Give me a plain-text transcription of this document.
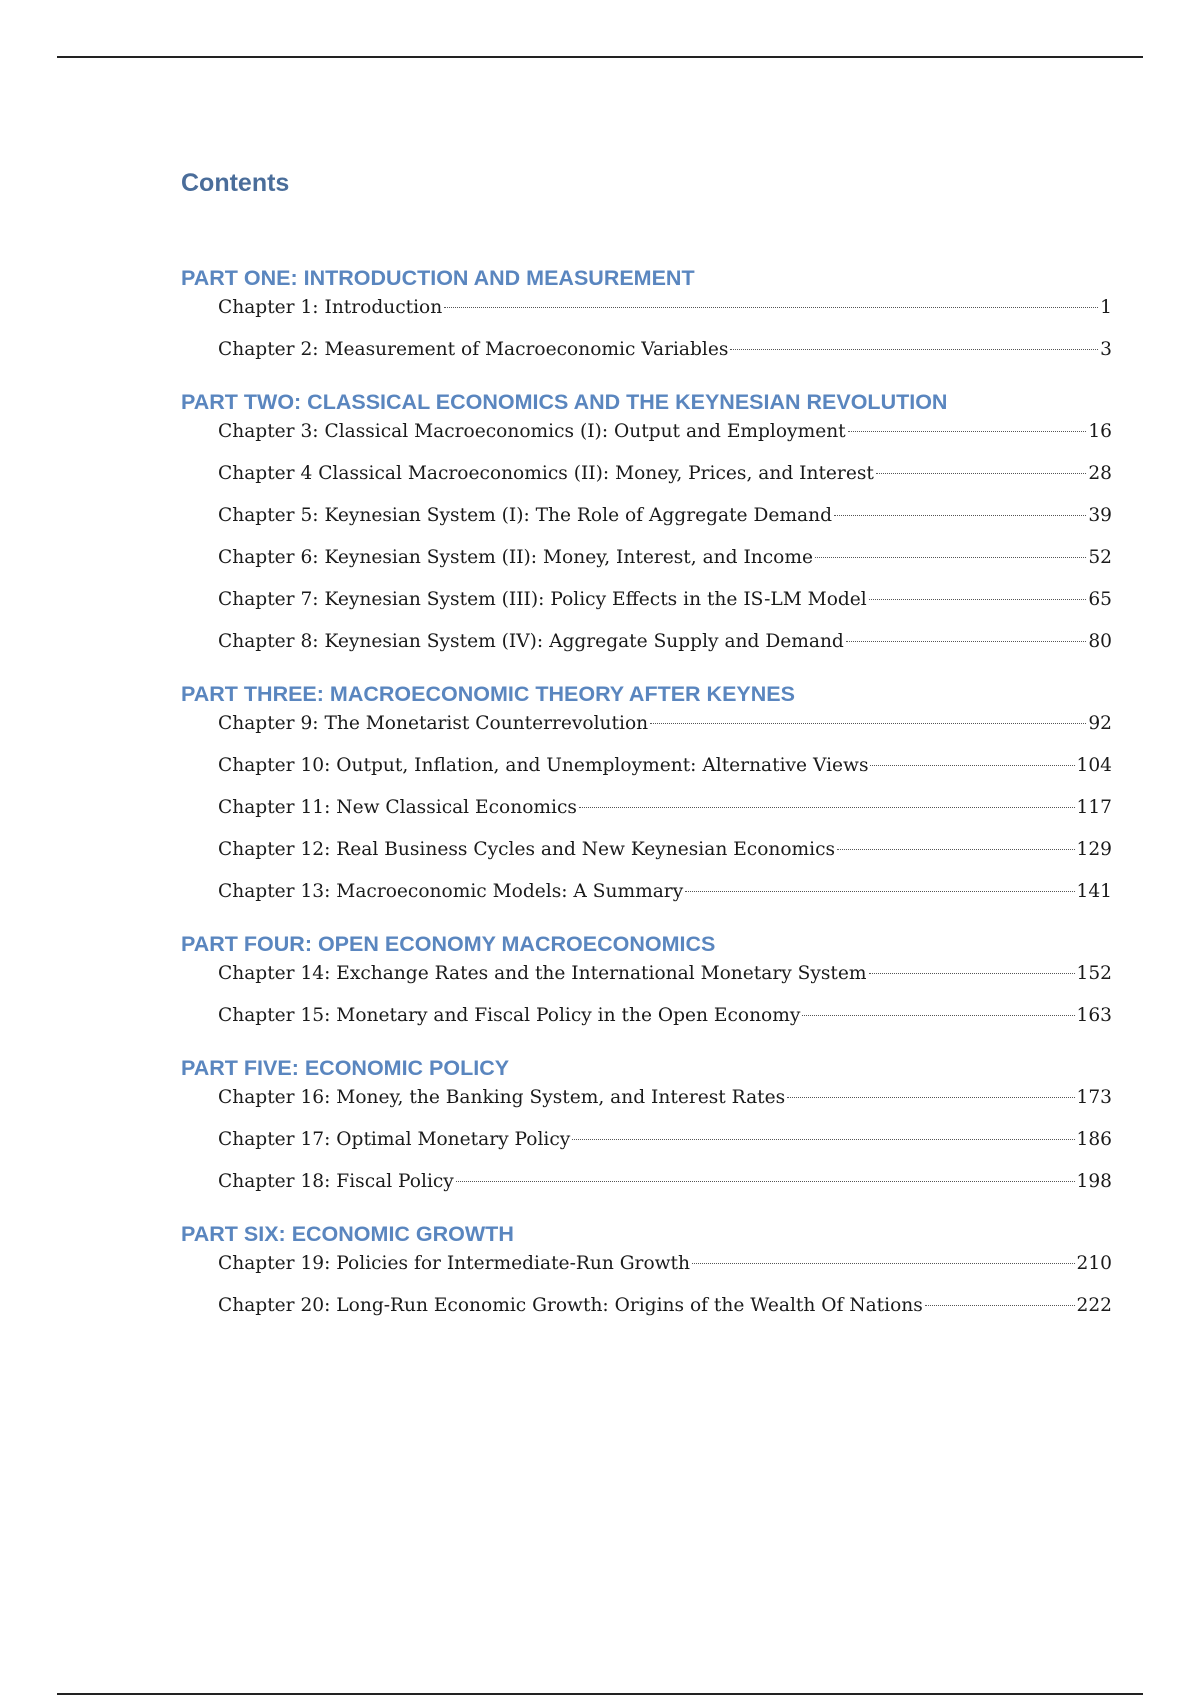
Contents
PART ONE: INTRODUCTION AND MEASUREMENT
Chapter 1: Introduction	1
Chapter 2: Measurement of Macroeconomic Variables	3
PART TWO: CLASSICAL ECONOMICS AND THE KEYNESIAN REVOLUTION
Chapter 3: Classical Macroeconomics (I): Output and Employment	16
Chapter 4 Classical Macroeconomics (II): Money, Prices, and Interest	28
Chapter 5: Keynesian System (I): The Role of Aggregate Demand	39
Chapter 6: Keynesian System (II): Money, Interest, and Income	52
Chapter 7: Keynesian System (III): Policy Effects in the IS-LM Model	65
Chapter 8: Keynesian System (IV): Aggregate Supply and Demand	80
PART THREE: MACROECONOMIC THEORY AFTER KEYNES
Chapter 9: The Monetarist Counterrevolution	92
Chapter 10: Output, Inflation, and Unemployment: Alternative Views	104
Chapter 11: New Classical Economics	117
Chapter 12: Real Business Cycles and New Keynesian Economics	129
Chapter 13: Macroeconomic Models: A Summary	141
PART FOUR: OPEN ECONOMY MACROECONOMICS
Chapter 14: Exchange Rates and the International Monetary System	152
Chapter 15: Monetary and Fiscal Policy in the Open Economy	163
PART FIVE: ECONOMIC POLICY
Chapter 16: Money, the Banking System, and Interest Rates	173
Chapter 17: Optimal Monetary Policy	186
Chapter 18: Fiscal Policy	198
PART SIX: ECONOMIC GROWTH
Chapter 19: Policies for Intermediate-Run Growth	210
Chapter 20: Long-Run Economic Growth: Origins of the Wealth Of Nations	222
